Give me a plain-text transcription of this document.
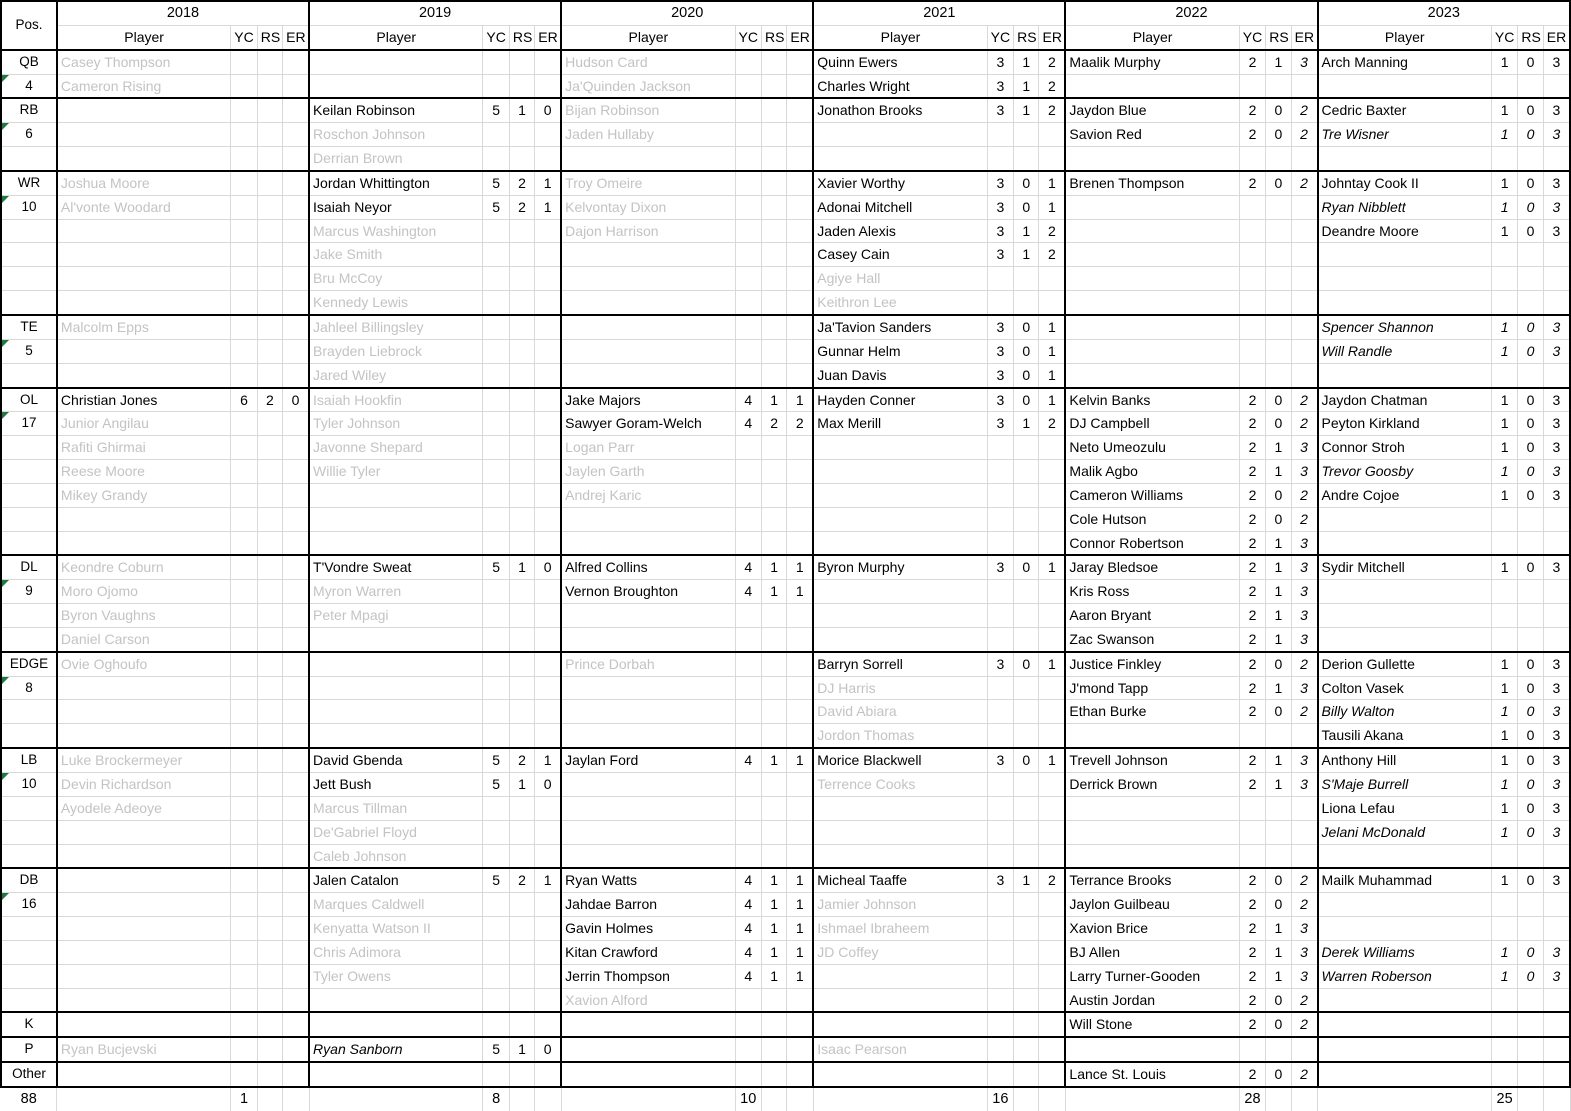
Pos.	2018				2019				2020				2021				2022				2023			
	Player	YC	RS	ER	Player	YC	RS	ER	Player	YC	RS	ER	Player	YC	RS	ER	Player	YC	RS	ER	Player	YC	RS	ER
QB	Casey Thompson								Hudson Card				Quinn Ewers	3	1	2	Maalik Murphy	2	1	3	Arch Manning	1	0	3
4	Cameron Rising								Ja'Quinden Jackson				Charles Wright	3	1	2								
RB					Keilan Robinson	5	1	0	Bijan Robinson				Jonathon Brooks	3	1	2	Jaydon Blue	2	0	2	Cedric Baxter	1	0	3
6					Roschon Johnson				Jaden Hullaby								Savion Red	2	0	2	Tre Wisner	1	0	3
					Derrian Brown																			
WR	Joshua Moore				Jordan Whittington	5	2	1	Troy Omeire				Xavier Worthy	3	0	1	Brenen Thompson	2	0	2	Johntay Cook II	1	0	3
10	Al'vonte Woodard				Isaiah Neyor	5	2	1	Kelvontay Dixon				Adonai Mitchell	3	0	1					Ryan Nibblett	1	0	3
					Marcus Washington				Dajon Harrison				Jaden Alexis	3	1	2					Deandre Moore	1	0	3
					Jake Smith								Casey Cain	3	1	2								
					Bru McCoy								Agiye Hall											
					Kennedy Lewis								Keithron Lee											
TE	Malcolm Epps				Jahleel Billingsley								Ja'Tavion Sanders	3	0	1					Spencer Shannon	1	0	3
5					Brayden Liebrock								Gunnar Helm	3	0	1					Will Randle	1	0	3
					Jared Wiley								Juan Davis	3	0	1								
OL	Christian Jones	6	2	0	Isaiah Hookfin				Jake Majors	4	1	1	Hayden Conner	3	0	1	Kelvin Banks	2	0	2	Jaydon Chatman	1	0	3
17	Junior Angilau				Tyler Johnson				Sawyer Goram-Welch	4	2	2	Max Merill	3	1	2	DJ Campbell	2	0	2	Peyton Kirkland	1	0	3
	Rafiti Ghirmai				Javonne Shepard				Logan Parr								Neto Umeozulu	2	1	3	Connor Stroh	1	0	3
	Reese Moore				Willie Tyler				Jaylen Garth								Malik Agbo	2	1	3	Trevor Goosby	1	0	3
	Mikey Grandy								Andrej Karic								Cameron Williams	2	0	2	Andre Cojoe	1	0	3
																	Cole Hutson	2	0	2				
																	Connor Robertson	2	1	3				
DL	Keondre Coburn				T'Vondre Sweat	5	1	0	Alfred Collins	4	1	1	Byron Murphy	3	0	1	Jaray Bledsoe	2	1	3	Sydir Mitchell	1	0	3
9	Moro Ojomo				Myron Warren				Vernon Broughton	4	1	1					Kris Ross	2	1	3				
	Byron Vaughns				Peter Mpagi												Aaron Bryant	2	1	3				
	Daniel Carson																Zac Swanson	2	1	3				
EDGE	Ovie Oghoufo								Prince Dorbah				Barryn Sorrell	3	0	1	Justice Finkley	2	0	2	Derion Gullette	1	0	3
8													DJ Harris				J'mond Tapp	2	1	3	Colton Vasek	1	0	3
													David Abiara				Ethan Burke	2	0	2	Billy Walton	1	0	3
													Jordon Thomas								Tausili Akana	1	0	3
LB	Luke Brockermeyer				David Gbenda	5	2	1	Jaylan Ford	4	1	1	Morice Blackwell	3	0	1	Trevell Johnson	2	1	3	Anthony Hill	1	0	3
10	Devin Richardson				Jett Bush	5	1	0					Terrence Cooks				Derrick Brown	2	1	3	S'Maje Burrell	1	0	3
	Ayodele Adeoye				Marcus Tillman																Liona Lefau	1	0	3
					De'Gabriel Floyd																Jelani McDonald	1	0	3
					Caleb Johnson																			
DB					Jalen Catalon	5	2	1	Ryan Watts	4	1	1	Micheal Taaffe	3	1	2	Terrance Brooks	2	0	2	Mailk Muhammad	1	0	3
16					Marques Caldwell				Jahdae Barron	4	1	1	Jamier Johnson				Jaylon Guilbeau	2	0	2				
					Kenyatta Watson II				Gavin Holmes	4	1	1	Ishmael Ibraheem				Xavion Brice	2	1	3				
					Chris Adimora				Kitan Crawford	4	1	1	JD Coffey				BJ Allen	2	1	3	Derek Williams	1	0	3
					Tyler Owens				Jerrin Thompson	4	1	1					Larry Turner-Gooden	2	1	3	Warren Roberson	1	0	3
									Xavion Alford								Austin Jordan	2	0	2				
K																	Will Stone	2	0	2				
P	Ryan Bucjevski				Ryan Sanborn	5	1	0					Isaac Pearson											
Other																	Lance St. Louis	2	0	2				
88		1				8				10				16				28				25		
